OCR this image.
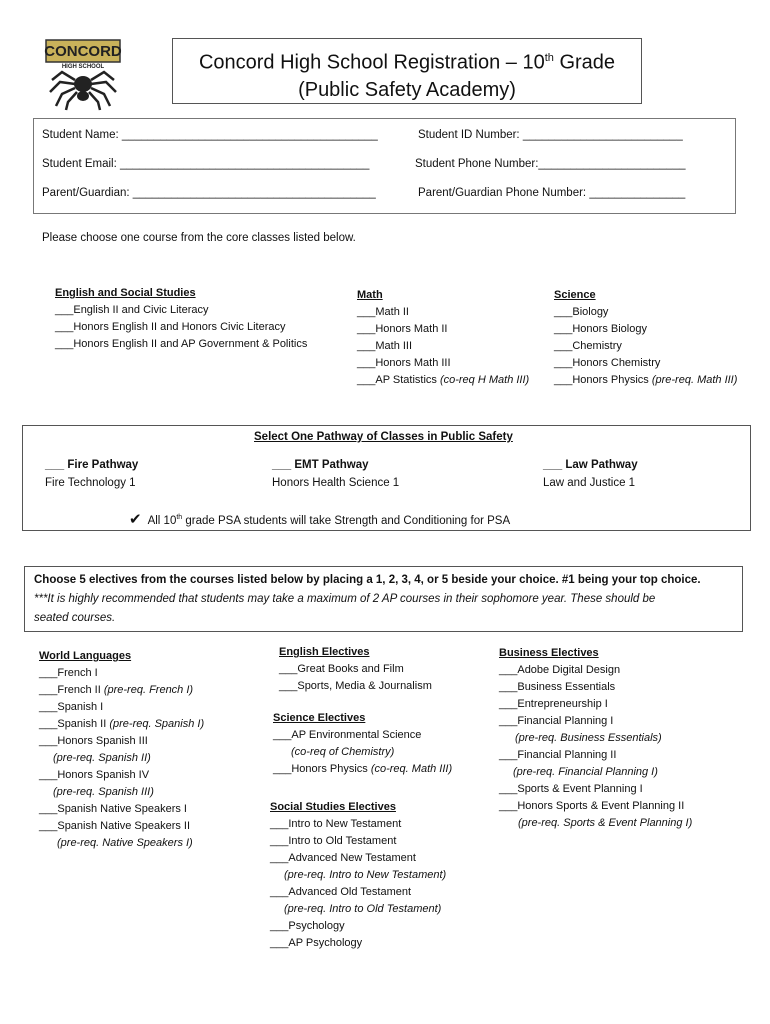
CONCORD
HIGH SCHOOL	Concord High School Registration – 10th Grade
(Public Safety Academy)
Student Name: ________________________________________	Student ID Number: _________________________
Student Email: _______________________________________	Student Phone Number:_______________________
Parent/Guardian: ______________________________________	Parent/Guardian Phone Number: _______________
Please choose one course from the core classes listed below.
English and Social Studies
___English II and Civic Literacy
___Honors English II and Honors Civic Literacy
___Honors English II and AP Government & Politics
Math
___Math II
___Honors Math II
___Math III
___Honors Math III
___AP Statistics (co-req H Math III)
Science
___Biology
___Honors Biology
___Chemistry
___Honors Chemistry
___Honors Physics (pre-req. Math III)
Select One Pathway of Classes in Public Safety
___ Fire Pathway
Fire Technology 1
___ EMT Pathway
Honors Health Science 1
___ Law Pathway
Law and Justice 1
✔ All 10th grade PSA students will take Strength and Conditioning for PSA
Choose 5 electives from the courses listed below by placing a 1, 2, 3, 4, or 5 beside your choice. #1 being your top choice.
***It is highly recommended that students may take a maximum of 2 AP courses in their sophomore year. These should be
seated courses.
World Languages
___French I
___French II (pre-req. French I)
___Spanish I
___Spanish II (pre-req. Spanish I)
___Honors Spanish III
(pre-req. Spanish II)
___Honors Spanish IV
(pre-req. Spanish III)
___Spanish Native Speakers I
___Spanish Native Speakers II
(pre-req. Native Speakers I)
English Electives
___Great Books and Film
___Sports, Media & Journalism
Science Electives
___AP Environmental Science
(co-req of Chemistry)
___Honors Physics (co-req. Math III)
Social Studies Electives
___Intro to New Testament
___Intro to Old Testament
___Advanced New Testament
(pre-req. Intro to New Testament)
___Advanced Old Testament
(pre-req. Intro to Old Testament)
___Psychology
___AP Psychology
Business Electives
___Adobe Digital Design
___Business Essentials
___Entrepreneurship I
___Financial Planning I
(pre-req. Business Essentials)
___Financial Planning II
(pre-req. Financial Planning I)
___Sports & Event Planning I
___Honors Sports & Event Planning II
(pre-req. Sports & Event Planning I)
